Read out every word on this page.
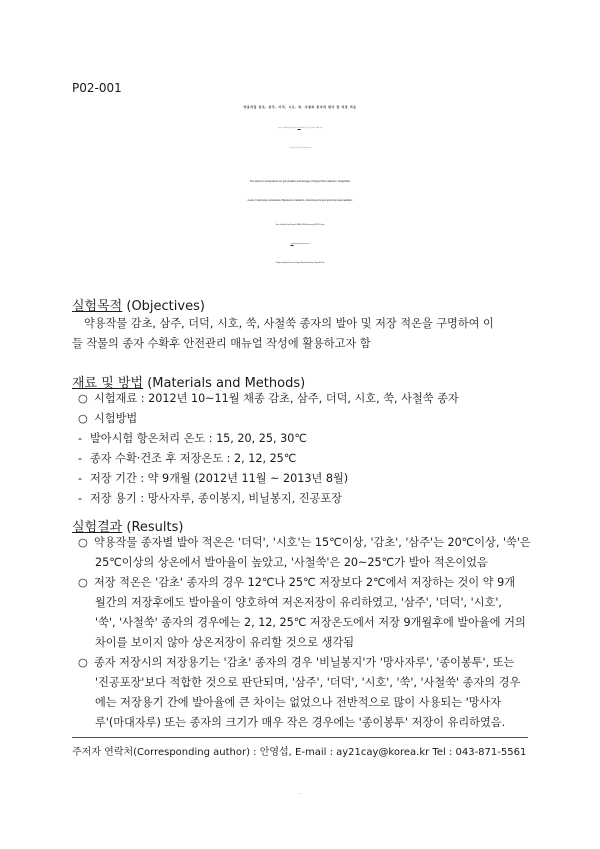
P02-001
약용작물 감초, 삼주, 더덕, 시호, 쑥, 사철쑥 종자의 발아 및 저장 적온
농촌진흥청 국립원예특작과학원 약용작물과 : 안영섭*, 안태진, 김용일, 한신희, 이영섭, 유황혜, 차선우
국립공주대학교 산업과학대학 식물자원학과 : 김성민
The optimum temperature for germination and storage of Glycyrrhiza uralensis, Atratylodes
ovata, Codonopsis lanceolata, Bupleurum falcatum, Artemisia princeps and Artemisia capillaris
Dept. of Herbal Crop Research, NIHHS, RDA, Eumseong 369-873, Korea
Young-Sup Ahn*, Tae-Jin An, Yong-Il Kim, Sin-Hee Han, Young-Seob Lee, Hwang Hye Yu and Seon-Woo Cha
College of Industrial Science, Kongju National University : Seong-Min Kim
실험목적 (Objectives)
약용작물 감초, 삼주, 더덕, 시호, 쑥, 사철쑥 종자의 발아 및 저장 적온을 구명하여 이
들 작물의 종자 수확후 안전관리 매뉴얼 작성에 활용하고자 함
재료 및 방법 (Materials and Methods)
○ 시험재료 : 2012년 10~11월 채종 감초, 삼주, 더덕, 시호, 쑥, 사철쑥 종자
○ 시험방법
- 발아시험 항온처리 온도 : 15, 20, 25, 30℃
- 종자 수확·건조 후 저장온도 : 2, 12, 25℃
- 저장 기간 : 약 9개월 (2012년 11월 ~ 2013년 8월)
- 저장 용기 : 망사자루, 종이봉지, 비닐봉지, 진공포장
실험결과 (Results)
○ 약용작물 종자별 발아 적온은 '더덕', '시호'는 15℃이상, '감초', '삼주'는 20℃이상, '쑥'은
25℃이상의 상온에서 발아율이 높았고, '사철쑥'은 20~25℃가 발아 적온이었음
○ 저장 적온은 '감초' 종자의 경우 12℃나 25℃ 저장보다 2℃에서 저장하는 것이 약 9개
월간의 저장후에도 발아율이 양호하여 저온저장이 유리하였고, '삼주', '더덕', '시호',
'쑥', '사철쑥' 종자의 경우에는 2, 12, 25℃ 저장온도에서 저장 9개월후에 발아율에 거의
차이를 보이지 않아 상온저장이 유리할 것으로 생각됨
○ 종자 저장시의 저장용기는 '감초' 종자의 경우 '비닐봉지'가 '망사자루', '종이봉투', 또는
'진공포장'보다 적합한 것으로 판단되며, '삼주', '더덕', '시호', '쑥', '사철쑥' 종자의 경우
에는 저장용기 간에 발아율에 큰 차이는 없었으나 전반적으로 많이 사용되는 '망사자
루'(마대자루) 또는 종자의 크기가 매우 작은 경우에는 '종이봉투' 저장이 유리하였음.
주저자 연락처(Corresponding author) : 안영섭, E-mail : ay21cay@korea.kr Tel : 043-871-5561
- 155 -
